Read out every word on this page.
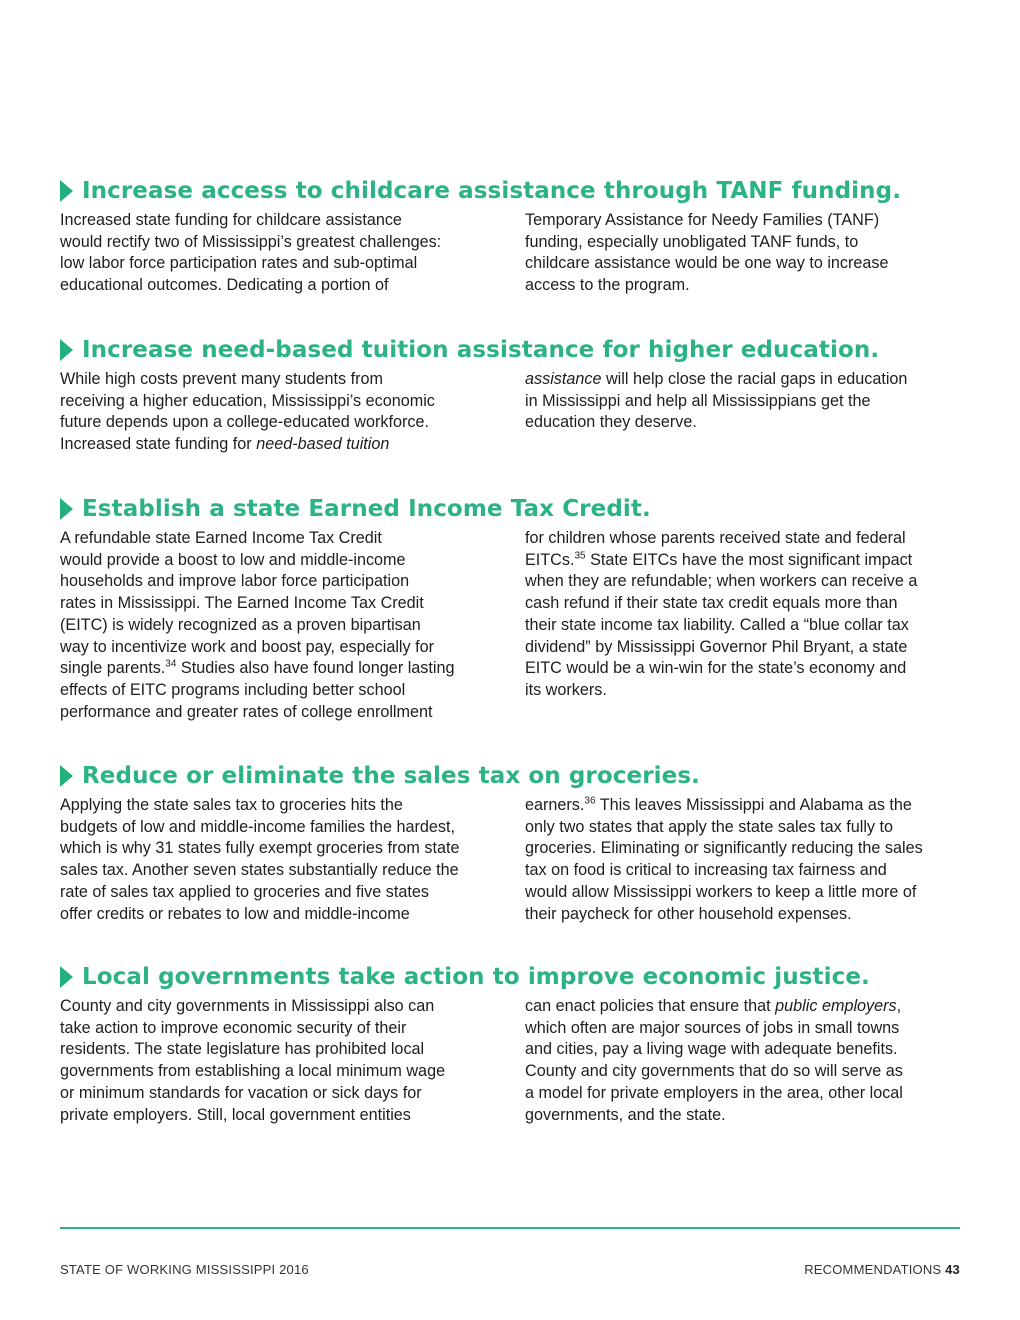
Increase access to childcare assistance through TANF funding.

Increased state funding for childcare assistance
would rectify two of Mississippi’s greatest challenges:
low labor force participation rates and sub-optimal
educational outcomes. Dedicating a portion of

Temporary Assistance for Needy Families (TANF)
funding, especially unobligated TANF funds, to
childcare assistance would be one way to increase
access to the program.

Increase need-based tuition assistance for higher education.

While high costs prevent many students from
receiving a higher education, Mississippi’s economic
future depends upon a college-educated workforce.
Increased state funding for need-based tuition

assistance will help close the racial gaps in education
in Mississippi and help all Mississippians get the
education they deserve.

Establish a state Earned Income Tax Credit.

A refundable state Earned Income Tax Credit
would provide a boost to low and middle-income
households and improve labor force participation
rates in Mississippi. The Earned Income Tax Credit
(EITC) is widely recognized as a proven bipartisan
way to incentivize work and boost pay, especially for
single parents.$^{34}$ Studies also have found longer lasting
effects of EITC programs including better school
performance and greater rates of college enrollment

for children whose parents received state and federal
EITCs.$^{35}$ State EITCs have the most significant impact
when they are refundable; when workers can receive a
cash refund if their state tax credit equals more than
their state income tax liability. Called a “blue collar tax
dividend” by Mississippi Governor Phil Bryant, a state
EITC would be a win-win for the state’s economy and
its workers.

Reduce or eliminate the sales tax on groceries.

Applying the state sales tax to groceries hits the
budgets of low and middle-income families the hardest,
which is why 31 states fully exempt groceries from state
sales tax. Another seven states substantially reduce the
rate of sales tax applied to groceries and five states
offer credits or rebates to low and middle-income

earners.$^{36}$ This leaves Mississippi and Alabama as the
only two states that apply the state sales tax fully to
groceries. Eliminating or significantly reducing the sales
tax on food is critical to increasing tax fairness and
would allow Mississippi workers to keep a little more of
their paycheck for other household expenses.

Local governments take action to improve economic justice.

County and city governments in Mississippi also can
take action to improve economic security of their
residents. The state legislature has prohibited local
governments from establishing a local minimum wage
or minimum standards for vacation or sick days for
private employers. Still, local government entities

can enact policies that ensure that public employers,
which often are major sources of jobs in small towns
and cities, pay a living wage with adequate benefits.
County and city governments that do so will serve as
a model for private employers in the area, other local
governments, and the state.

STATE OF WORKING MISSISSIPPI 2016	RECOMMENDATIONS 43
